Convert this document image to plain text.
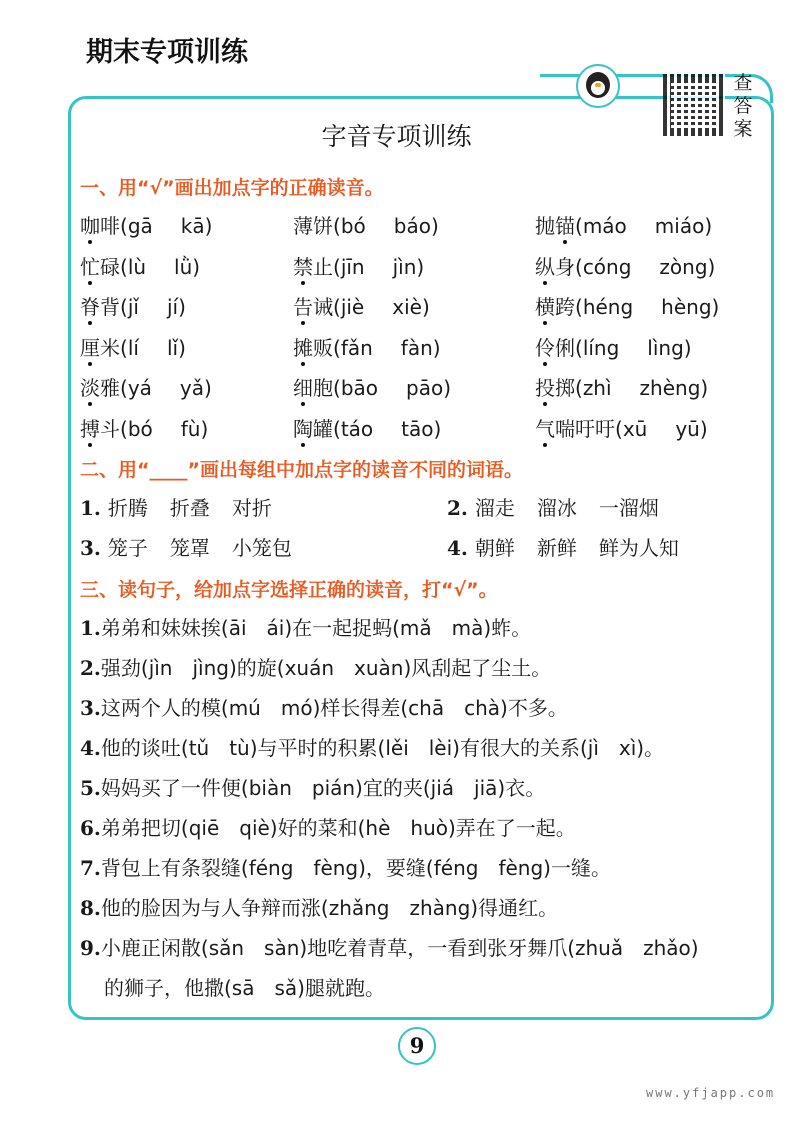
期末专项训练
查答案
字音专项训练
一、用“√”画出加点字的正确读音。
咖啡(gā kā)	薄饼(bó báo)	抛锚(máo miáo)
忙碌(lù lǜ)	禁止(jīn jìn)	纵身(cóng zòng)
脊背(jǐ jí)	告诫(jiè xiè)	横跨(héng hèng)
厘米(lí lǐ)	摊贩(fǎn fàn)	伶俐(líng lìng)
淡雅(yá yǎ)	细胞(bāo pāo)	投掷(zhì zhèng)
搏斗(bó fù)	陶罐(táo tāo)	气喘吁吁(xū yū)
二、用“____”画出每组中加点字的读音不同的词语。
1. 折腾 折叠 对折	2. 溜走 溜冰 一溜烟
3. 笼子 笼罩 小笼包	4. 朝鲜 新鲜 鲜为人知
三、读句子，给加点字选择正确的读音，打“√”。
1.弟弟和妹妹挨(āi　ái)在一起捉蚂(mǎ　mà)蚱。
2.强劲(jìn　jìng)的旋(xuán　xuàn)风刮起了尘土。
3.这两个人的模(mú　mó)样长得差(chā　chà)不多。
4.他的谈吐(tǔ　tù)与平时的积累(lěi　lèi)有很大的关系(jì　xì)。
5.妈妈买了一件便(biàn　pián)宜的夹(jiá　jiā)衣。
6.弟弟把切(qiē　qiè)好的菜和(hè　huò)弄在了一起。
7.背包上有条裂缝(féng　fèng)，要缝(féng　fèng)一缝。
8.他的脸因为与人争辩而涨(zhǎng　zhàng)得通红。
9.小鹿正闲散(sǎn　sàn)地吃着青草，一看到张牙舞爪(zhuǎ　zhǎo)
的狮子，他撒(sā　sǎ)腿就跑。
9
www.yfjapp.com
